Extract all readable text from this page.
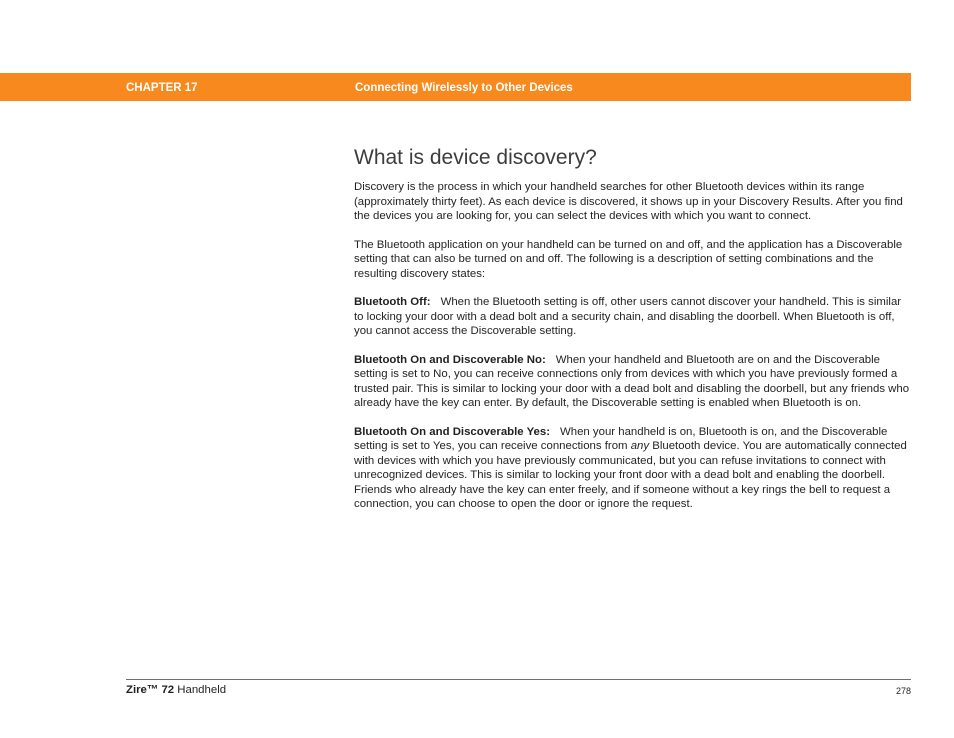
CHAPTER 17	Connecting Wirelessly to Other Devices
What is device discovery?

Discovery is the process in which your handheld searches for other Bluetooth devices within its range (approximately thirty feet). As each device is discovered, it shows up in your Discovery Results. After you find the devices you are looking for, you can select the devices with which you want to connect.

The Bluetooth application on your handheld can be turned on and off, and the application has a Discoverable setting that can also be turned on and off. The following is a description of setting combinations and the resulting discovery states:

Bluetooth Off: When the Bluetooth setting is off, other users cannot discover your handheld. This is similar to locking your door with a dead bolt and a security chain, and disabling the doorbell. When Bluetooth is off, you cannot access the Discoverable setting.

Bluetooth On and Discoverable No: When your handheld and Bluetooth are on and the Discoverable setting is set to No, you can receive connections only from devices with which you have previously formed a trusted pair. This is similar to locking your door with a dead bolt and disabling the doorbell, but any friends who already have the key can enter. By default, the Discoverable setting is enabled when Bluetooth is on.

Bluetooth On and Discoverable Yes: When your handheld is on, Bluetooth is on, and the Discoverable setting is set to Yes, you can receive connections from any Bluetooth device. You are automatically connected with devices with which you have previously communicated, but you can refuse invitations to connect with unrecognized devices. This is similar to locking your front door with a dead bolt and enabling the doorbell. Friends who already have the key can enter freely, and if someone without a key rings the bell to request a connection, you can choose to open the door or ignore the request.

Zire™ 72 Handheld	278
